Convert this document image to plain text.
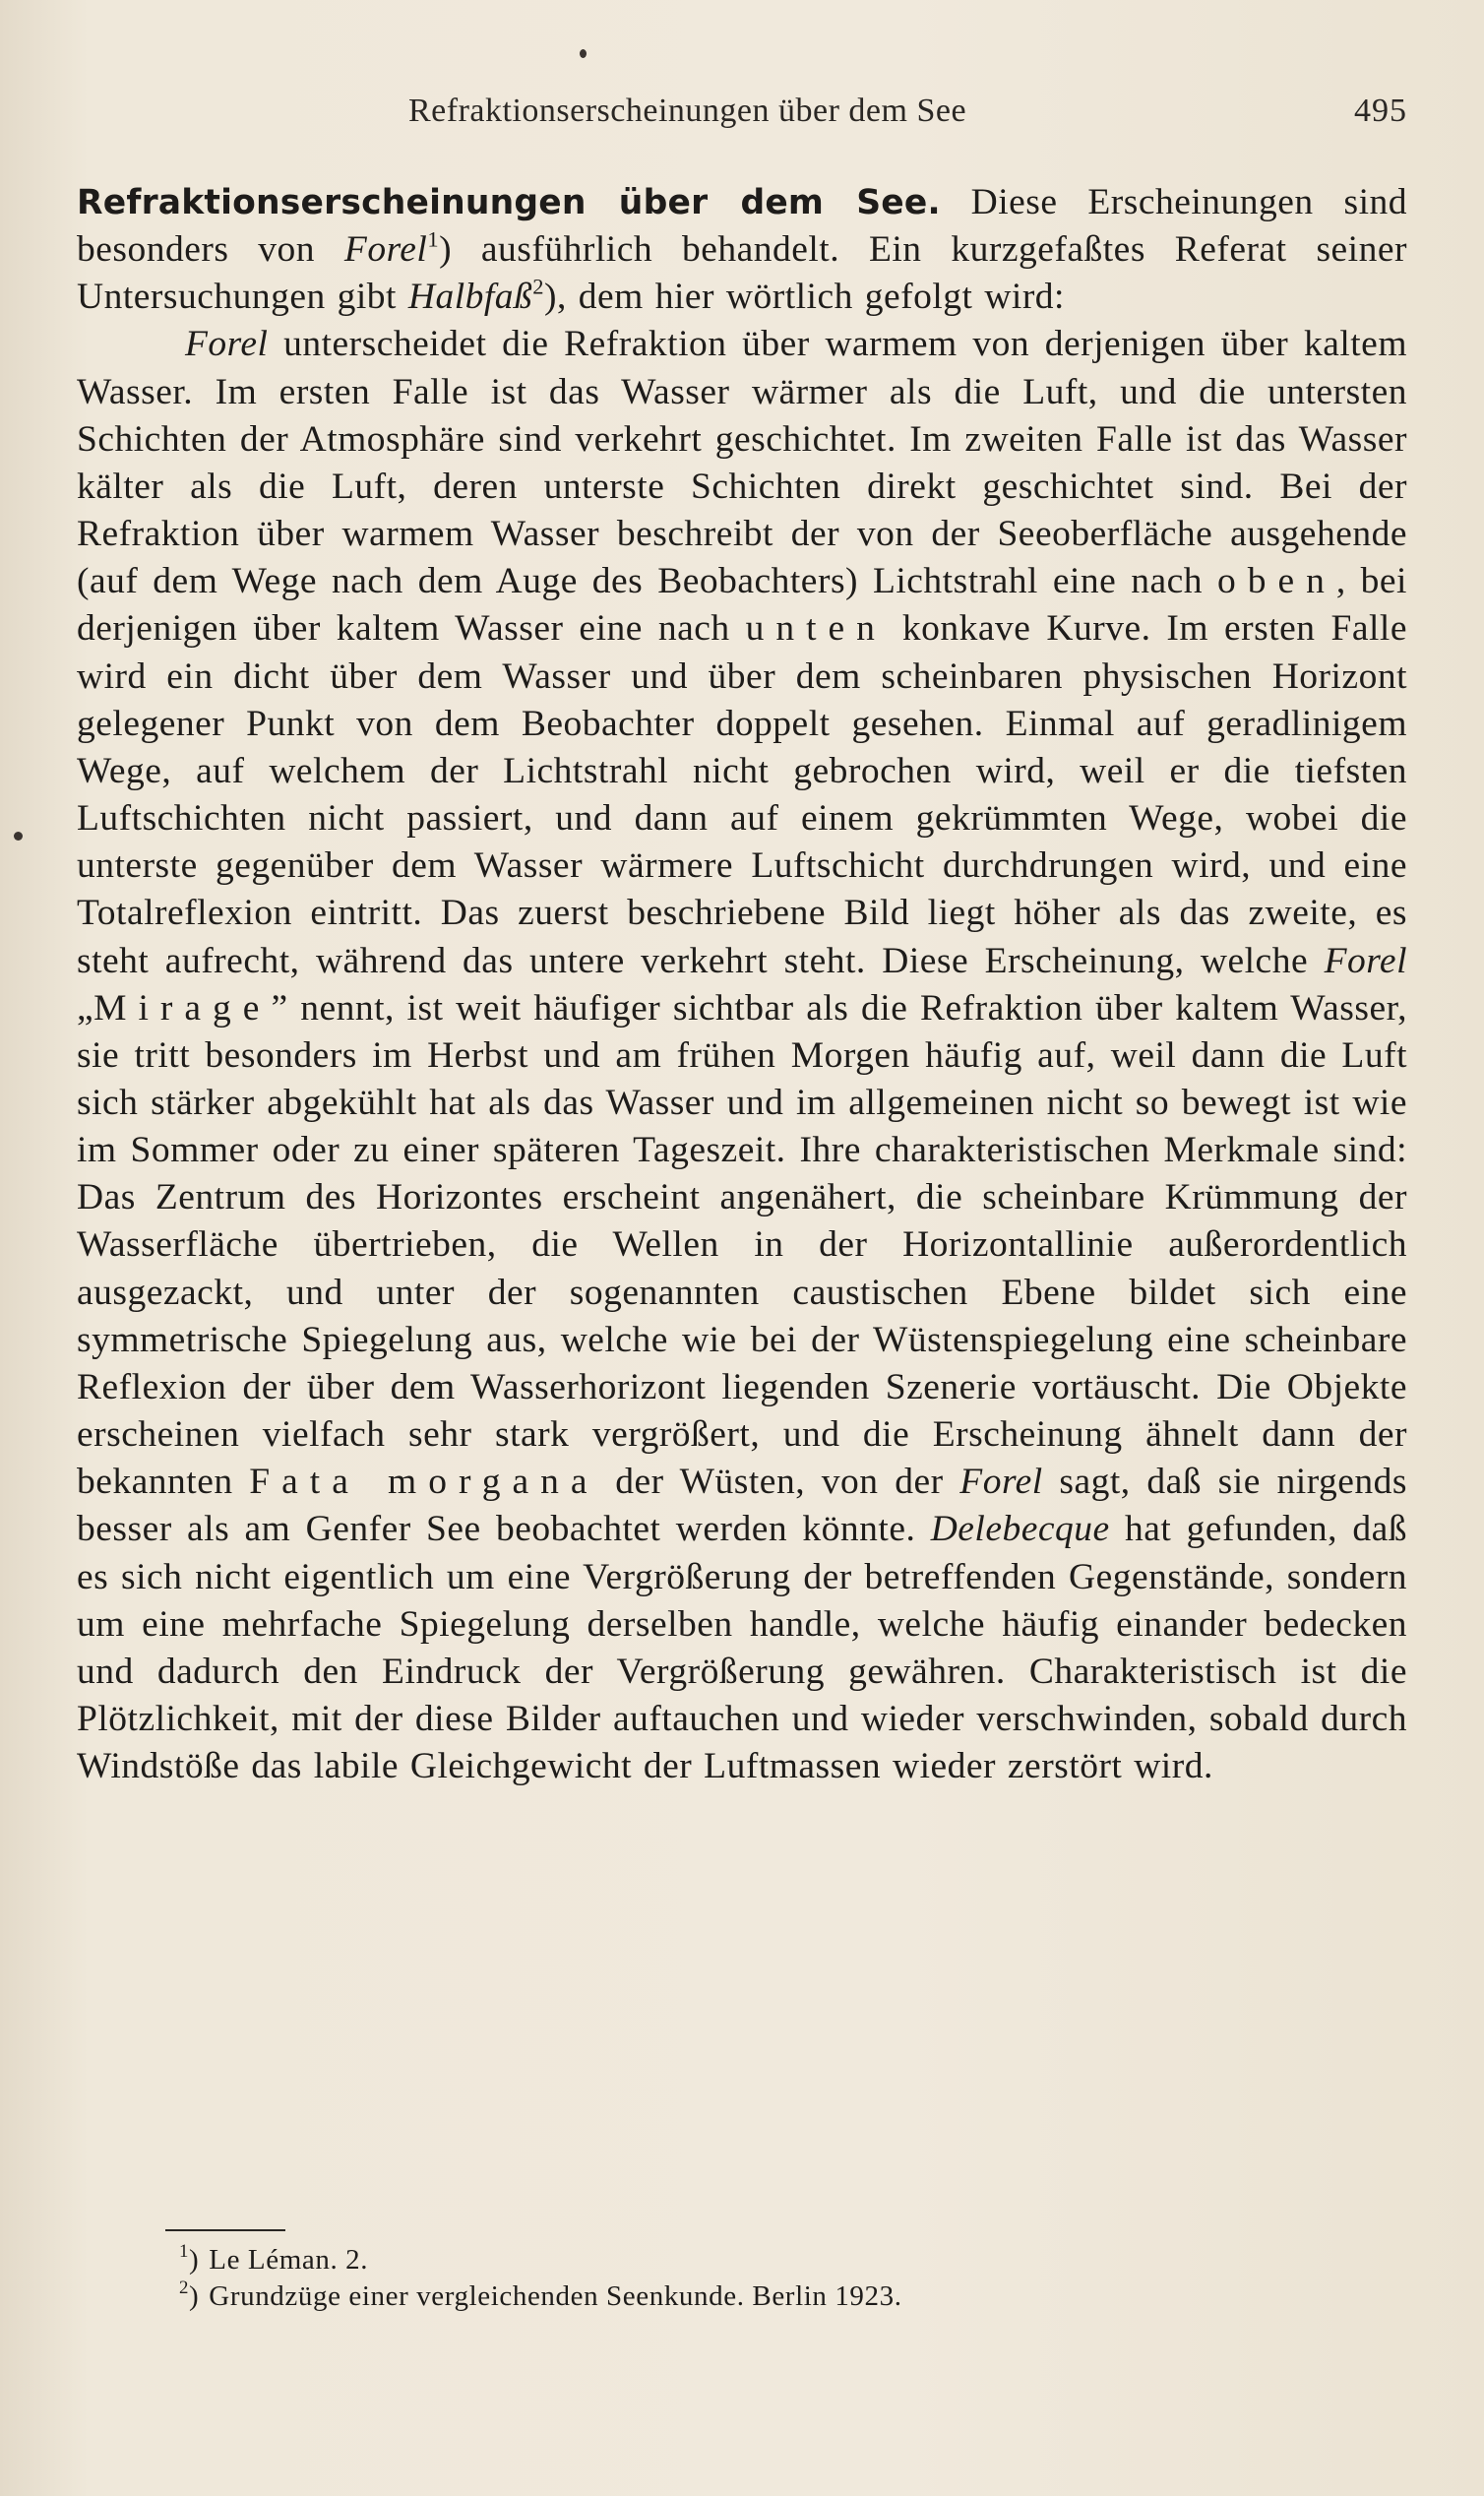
Refraktionserscheinungen über dem See	495

Refraktionserscheinungen über dem See. Diese Erscheinungen sind besonders von Forel$^1$) ausführlich behandelt. Ein kurzgefaßtes Referat seiner Untersuchungen gibt Halbfaß$^2$), dem hier wörtlich gefolgt wird:

Forel unterscheidet die Refraktion über warmem von derjenigen über kaltem Wasser. Im ersten Falle ist das Wasser wärmer als die Luft, und die untersten Schichten der Atmosphäre sind verkehrt geschichtet. Im zweiten Falle ist das Wasser kälter als die Luft, deren unterste Schichten direkt geschichtet sind. Bei der Refraktion über warmem Wasser beschreibt der von der Seeoberfläche ausgehende (auf dem Wege nach dem Auge des Beobachters) Lichtstrahl eine nach oben, bei derjenigen über kaltem Wasser eine nach unten konkave Kurve. Im ersten Falle wird ein dicht über dem Wasser und über dem scheinbaren physischen Horizont gelegener Punkt von dem Beobachter doppelt gesehen. Einmal auf geradlinigem Wege, auf welchem der Lichtstrahl nicht gebrochen wird, weil er die tiefsten Luftschichten nicht passiert, und dann auf einem gekrümmten Wege, wobei die unterste gegenüber dem Wasser wärmere Luftschicht durchdrungen wird, und eine Totalreflexion eintritt. Das zuerst beschriebene Bild liegt höher als das zweite, es steht aufrecht, während das untere verkehrt steht. Diese Erscheinung, welche Forel „Mirage” nennt, ist weit häufiger sichtbar als die Refraktion über kaltem Wasser, sie tritt besonders im Herbst und am frühen Morgen häufig auf, weil dann die Luft sich stärker abgekühlt hat als das Wasser und im allgemeinen nicht so bewegt ist wie im Sommer oder zu einer späteren Tageszeit. Ihre charakteristischen Merkmale sind: Das Zentrum des Horizontes erscheint angenähert, die scheinbare Krümmung der Wasserfläche übertrieben, die Wellen in der Horizontallinie außerordentlich ausgezackt, und unter der sogenannten caustischen Ebene bildet sich eine symmetrische Spiegelung aus, welche wie bei der Wüstenspiegelung eine scheinbare Reflexion der über dem Wasserhorizont liegenden Szenerie vortäuscht. Die Objekte erscheinen vielfach sehr stark vergrößert, und die Erscheinung ähnelt dann der bekannten Fata morgana der Wüsten, von der Forel sagt, daß sie nirgends besser als am Genfer See beobachtet werden könnte. Delebecque hat gefunden, daß es sich nicht eigentlich um eine Vergrößerung der betreffenden Gegenstände, sondern um eine mehrfache Spiegelung derselben handle, welche häufig einander bedecken und dadurch den Eindruck der Vergrößerung gewähren. Charakteristisch ist die Plötzlichkeit, mit der diese Bilder auftauchen und wieder verschwinden, sobald durch Windstöße das labile Gleichgewicht der Luftmassen wieder zerstört wird.

$^1$) Le Léman. 2.

$^2$) Grundzüge einer vergleichenden Seenkunde. Berlin 1923.
